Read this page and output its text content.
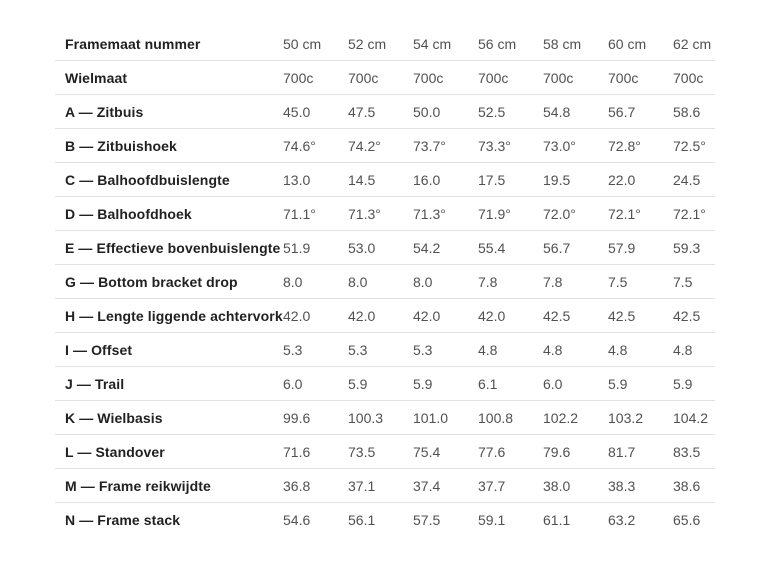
Framemaat nummer	50 cm	52 cm	54 cm	56 cm	58 cm	60 cm	62 cm
Wielmaat	700c	700c	700c	700c	700c	700c	700c
A — Zitbuis	45.0	47.5	50.0	52.5	54.8	56.7	58.6
B — Zitbuishoek	74.6°	74.2°	73.7°	73.3°	73.0°	72.8°	72.5°
C — Balhoofdbuislengte	13.0	14.5	16.0	17.5	19.5	22.0	24.5
D — Balhoofdhoek	71.1°	71.3°	71.3°	71.9°	72.0°	72.1°	72.1°
E — Effectieve bovenbuislengte 51.9	53.0	54.2	55.4	56.7	57.9	59.3
G — Bottom bracket drop	8.0	8.0	8.0	7.8	7.8	7.5	7.5
H — Lengte liggende achtervork 42.0	42.0	42.0	42.0	42.5	42.5	42.5
I — Offset	5.3	5.3	5.3	4.8	4.8	4.8	4.8
J — Trail	6.0	5.9	5.9	6.1	6.0	5.9	5.9
K — Wielbasis	99.6	100.3	101.0	100.8	102.2	103.2	104.2
L — Standover	71.6	73.5	75.4	77.6	79.6	81.7	83.5
M — Frame reikwijdte	36.8	37.1	37.4	37.7	38.0	38.3	38.6
N — Frame stack	54.6	56.1	57.5	59.1	61.1	63.2	65.6
